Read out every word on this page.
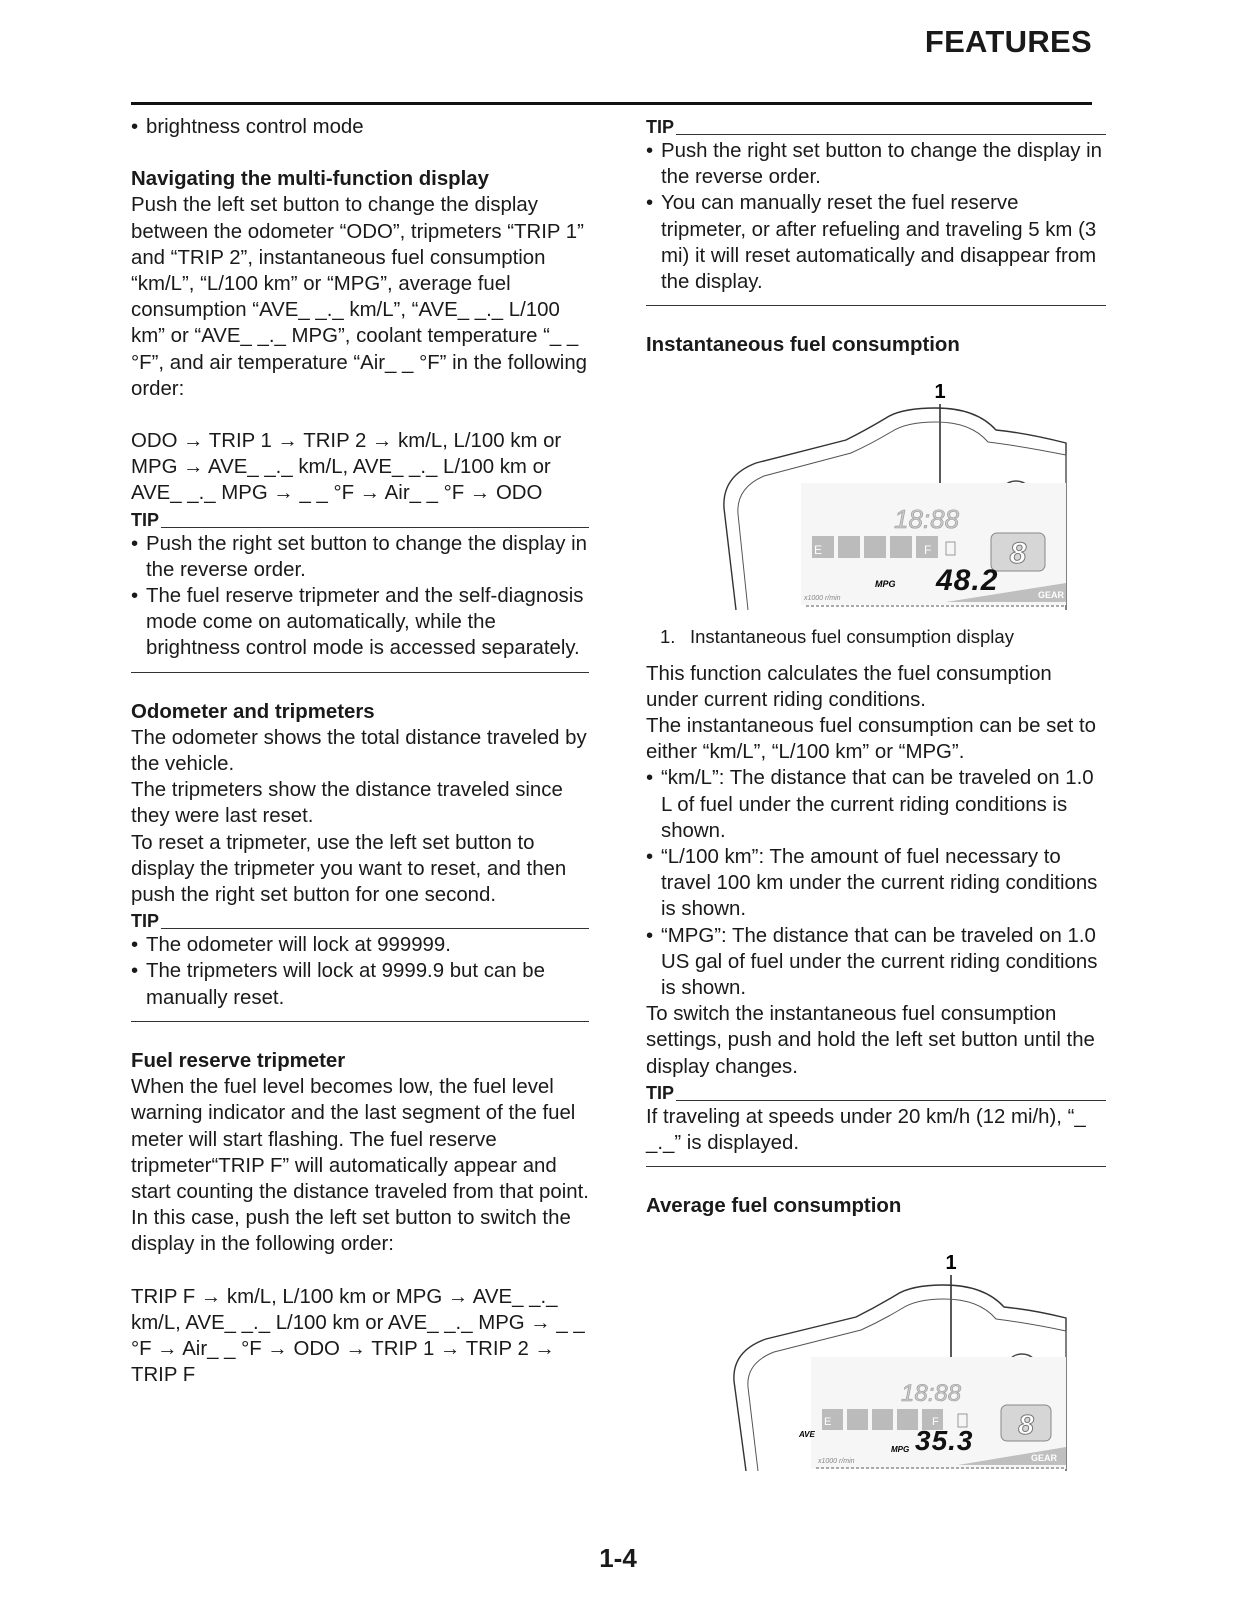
FEATURES

• brightness control mode

Navigating the multi-function display

Push the left set button to change the display between the odometer “ODO”, tripmeters “TRIP 1” and “TRIP 2”, instantaneous fuel consumption “km/L”, “L/100 km” or “MPG”, average fuel consumption “AVE_ _._ km/L”, “AVE_ _._ L/100 km” or “AVE_ _._ MPG”, coolant temperature “_ _ °F”, and air temperature “Air_ _ °F” in the following order:

ODO → TRIP 1 → TRIP 2 → km/L, L/100 km or MPG → AVE_ _._ km/L, AVE_ _._ L/100 km or AVE_ _._ MPG → _ _ °F → Air_ _ °F → ODO

TIP

• Push the right set button to change the display in the reverse order.

• The fuel reserve tripmeter and the self-diagnosis mode come on automatically, while the brightness control mode is accessed separately.

Odometer and tripmeters

The odometer shows the total distance traveled by the vehicle.

The tripmeters show the distance traveled since they were last reset.

To reset a tripmeter, use the left set button to display the tripmeter you want to reset, and then push the right set button for one second.

TIP

• The odometer will lock at 999999.

• The tripmeters will lock at 9999.9 but can be manually reset.

Fuel reserve tripmeter

When the fuel level becomes low, the fuel level warning indicator and the last segment of the fuel meter will start flashing. The fuel reserve tripmeter“TRIP F” will automatically appear and start counting the distance traveled from that point. In this case, push the left set button to switch the display in the following order:

TRIP F → km/L, L/100 km or MPG → AVE_ _._ km/L, AVE_ _._ L/100 km or AVE_ _._ MPG → _ _ °F → Air_ _ °F → ODO → TRIP 1 → TRIP 2 → TRIP F

TIP

• Push the right set button to change the display in the reverse order.

• You can manually reset the fuel reserve tripmeter, or after refueling and traveling 5 km (3 mi) it will reset automatically and disappear from the display.

Instantaneous fuel consumption

1
18:88
E	F	8
48.2
MPG
x1000 r/min	GEAR

1. Instantaneous fuel consumption display

This function calculates the fuel consumption under current riding conditions.

The instantaneous fuel consumption can be set to either “km/L”, “L/100 km” or “MPG”.

• “km/L”: The distance that can be traveled on 1.0 L of fuel under the current riding conditions is shown.

• “L/100 km”: The amount of fuel necessary to travel 100 km under the current riding conditions is shown.

• “MPG”: The distance that can be traveled on 1.0 US gal of fuel under the current riding conditions is shown.

To switch the instantaneous fuel consumption settings, push and hold the left set button until the display changes.

TIP

If traveling at speeds under 20 km/h (12 mi/h), “_ _._” is displayed.

Average fuel consumption

1
18:88
E	F	8
AVE	35.3
MPG
x1000 r/min	GEAR
1-4
